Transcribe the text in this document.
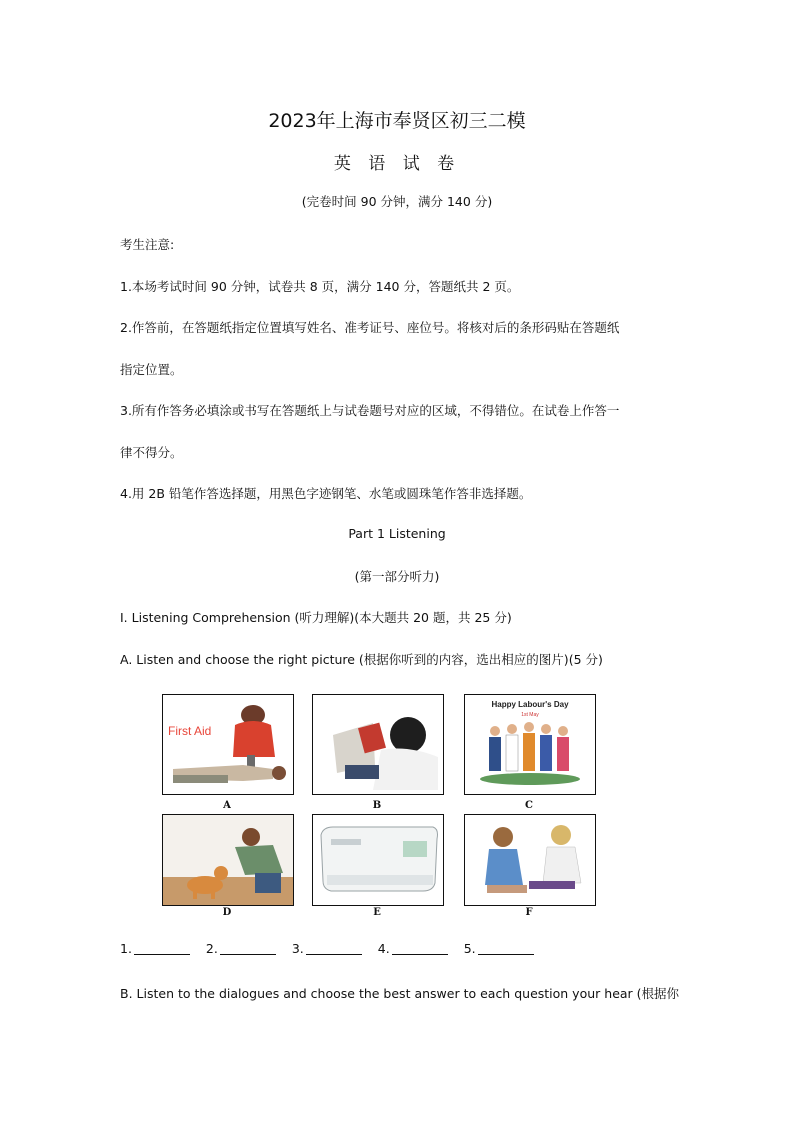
2023年上海市奉贤区初三二模
英 语 试 卷
(完卷时间 90 分钟，满分 140 分)
考生注意:
1.本场考试时间 90 分钟，试卷共 8 页，满分 140 分，答题纸共 2 页。
2.作答前，在答题纸指定位置填写姓名、准考证号、座位号。将核对后的条形码贴在答题纸
指定位置。
3.所有作答务必填涂或书写在答题纸上与试卷题号对应的区域，不得错位。在试卷上作答一
律不得分。
4.用 2B 铅笔作答选择题，用黑色字迹钢笔、水笔或圆珠笔作答非选择题。
Part 1 Listening
(第一部分听力)
I. Listening Comprehension (听力理解)(本大题共 20 题，共 25 分)
A. Listen and choose the right picture (根据你听到的内容，选出相应的图片)(5 分)
First Aid
A	B
Happy Labour's Day
1st May
C
D	E	F
1.	2.	3.	4.	5.
B. Listen to the dialogues and choose the best answer to each question your hear (根据你
